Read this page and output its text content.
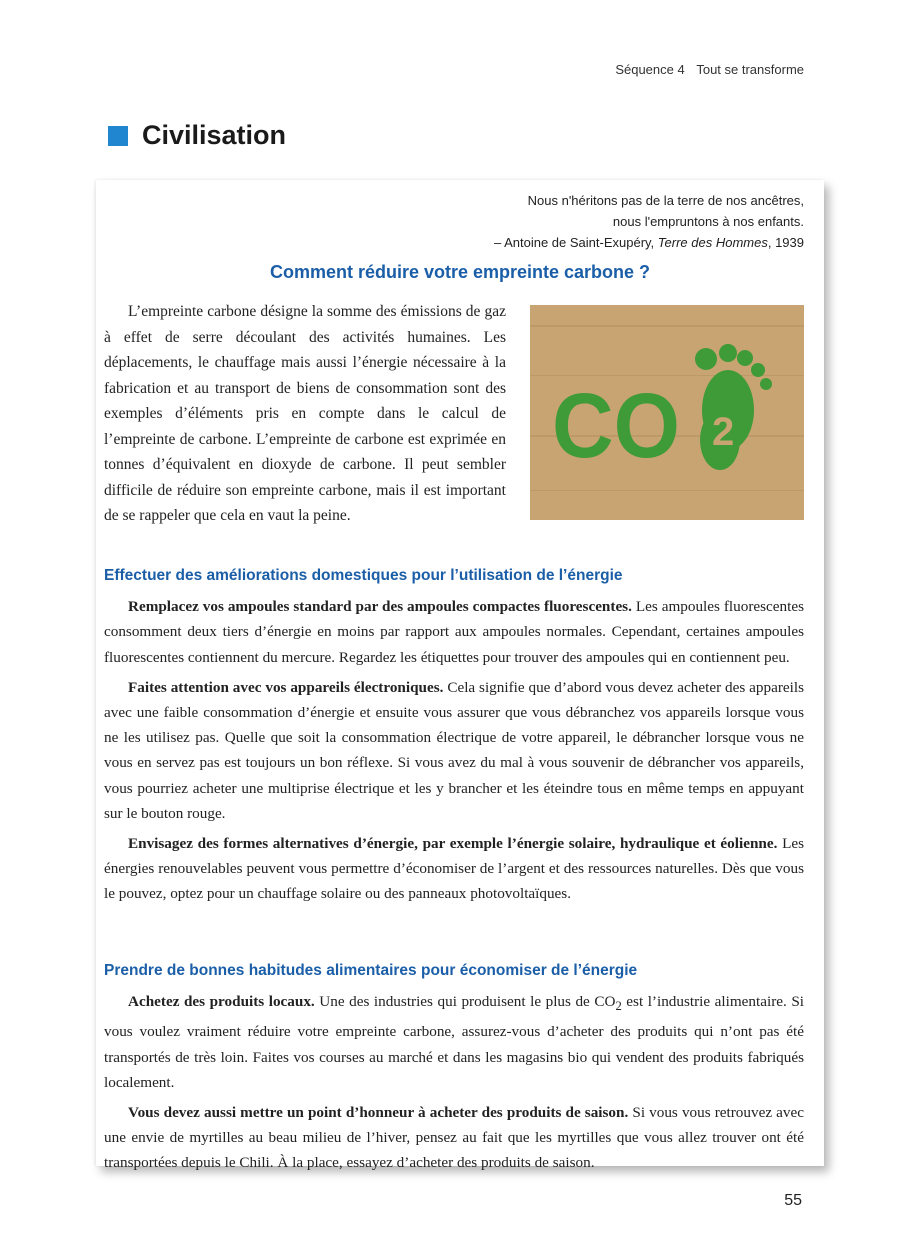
Séquence 4 Tout se transforme
Civilisation
Nous n'héritons pas de la terre de nos ancêtres,
nous l'empruntons à nos enfants.
– Antoine de Saint-Exupéry, Terre des Hommes, 1939
Comment réduire votre empreinte carbone ?

L’empreinte carbone désigne la somme des émissions de gaz à effet de serre découlant des activités humaines. Les déplacements, le chauffage mais aussi l’énergie nécessaire à la fabrication et au transport de biens de consommation sont des exemples d’éléments pris en compte dans le calcul de l’empreinte de carbone. L’empreinte de carbone est exprimée en tonnes d’équivalent en dioxyde de carbone. Il peut sembler difficile de réduire son empreinte carbone, mais il est important de se rappeler que cela en vaut la peine.

CO 2
Effectuer des améliorations domestiques pour l’utilisation de l’énergie

Remplacez vos ampoules standard par des ampoules compactes fluorescentes. Les ampoules fluorescentes consomment deux tiers d’énergie en moins par rapport aux ampoules normales. Cependant, certaines ampoules fluorescentes contiennent du mercure. Regardez les étiquettes pour trouver des ampoules qui en contiennent peu.

Faites attention avec vos appareils électroniques. Cela signifie que d’abord vous devez acheter des appareils avec une faible consommation d’énergie et ensuite vous assurer que vous débranchez vos appareils lorsque vous ne les utilisez pas. Quelle que soit la consommation électrique de votre appareil, le débrancher lorsque vous ne vous en servez pas est toujours un bon réflexe. Si vous avez du mal à vous souvenir de débrancher vos appareils, vous pourriez acheter une multiprise électrique et les y brancher et les éteindre tous en même temps en appuyant sur le bouton rouge.

Envisagez des formes alternatives d’énergie, par exemple l’énergie solaire, hydraulique et éolienne. Les énergies renouvelables peuvent vous permettre d’économiser de l’argent et des ressources naturelles. Dès que vous le pouvez, optez pour un chauffage solaire ou des panneaux photovoltaïques.

Prendre de bonnes habitudes alimentaires pour économiser de l’énergie

Achetez des produits locaux. Une des industries qui produisent le plus de $CO_2$ est l’industrie alimentaire. Si vous voulez vraiment réduire votre empreinte carbone, assurez-vous d’acheter des produits qui n’ont pas été transportés de très loin. Faites vos courses au marché et dans les magasins bio qui vendent des produits fabriqués localement.

Vous devez aussi mettre un point d’honneur à acheter des produits de saison. Si vous vous retrouvez avec une envie de myrtilles au beau milieu de l’hiver, pensez au fait que les myrtilles que vous allez trouver ont été transportées depuis le Chili. À la place, essayez d’acheter des produits de saison.

55
